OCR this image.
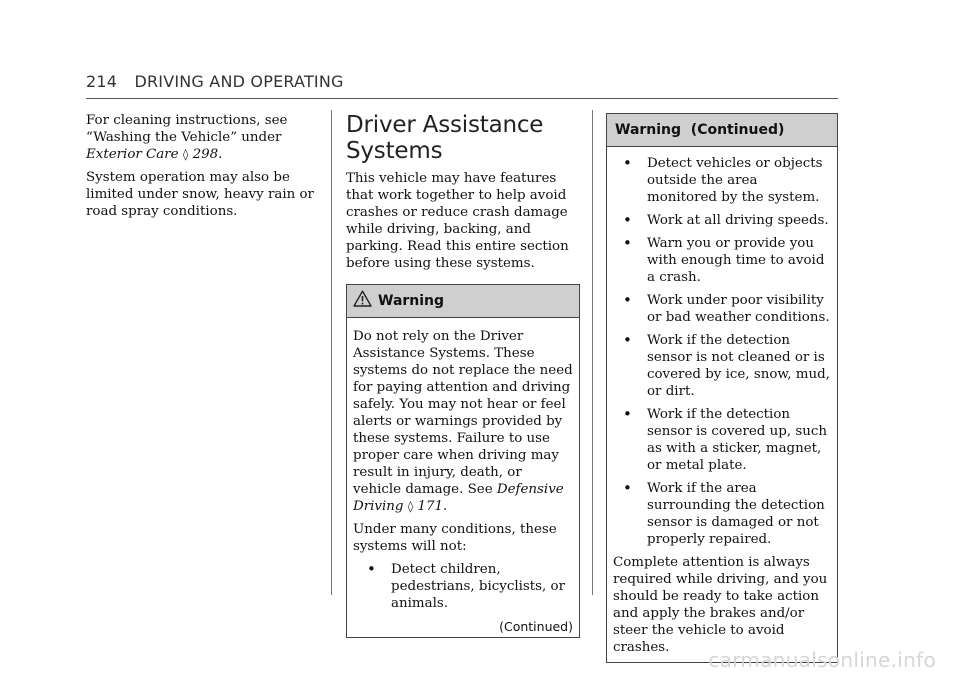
214 DRIVING AND OPERATING

For cleaning instructions, see “Washing the Vehicle” under Exterior Care ◊ 298.

System operation may also be limited under snow, heavy rain or road spray conditions.

Driver Assistance Systems

This vehicle may have features that work together to help avoid crashes or reduce crash damage while driving, backing, and parking. Read this entire section before using these systems.

Warning

Do not rely on the Driver Assistance Systems. These systems do not replace the need for paying attention and driving safely. You may not hear or feel alerts or warnings provided by these systems. Failure to use proper care when driving may result in injury, death, or vehicle damage. See Defensive Driving ◊ 171.

Under many conditions, these systems will not:

• Detect children, pedestrians, bicyclists, or animals.
(Continued)
Warning  (Continued)
• Detect vehicles or objects outside the area monitored by the system.
• Work at all driving speeds.
• Warn you or provide you with enough time to avoid a crash.
• Work under poor visibility or bad weather conditions.
• Work if the detection sensor is not cleaned or is covered by ice, snow, mud, or dirt.
• Work if the detection sensor is covered up, such as with a sticker, magnet, or metal plate.
• Work if the area surrounding the detection sensor is damaged or not properly repaired.

Complete attention is always required while driving, and you should be ready to take action and apply the brakes and/or steer the vehicle to avoid crashes.

carmanualsonline.info
